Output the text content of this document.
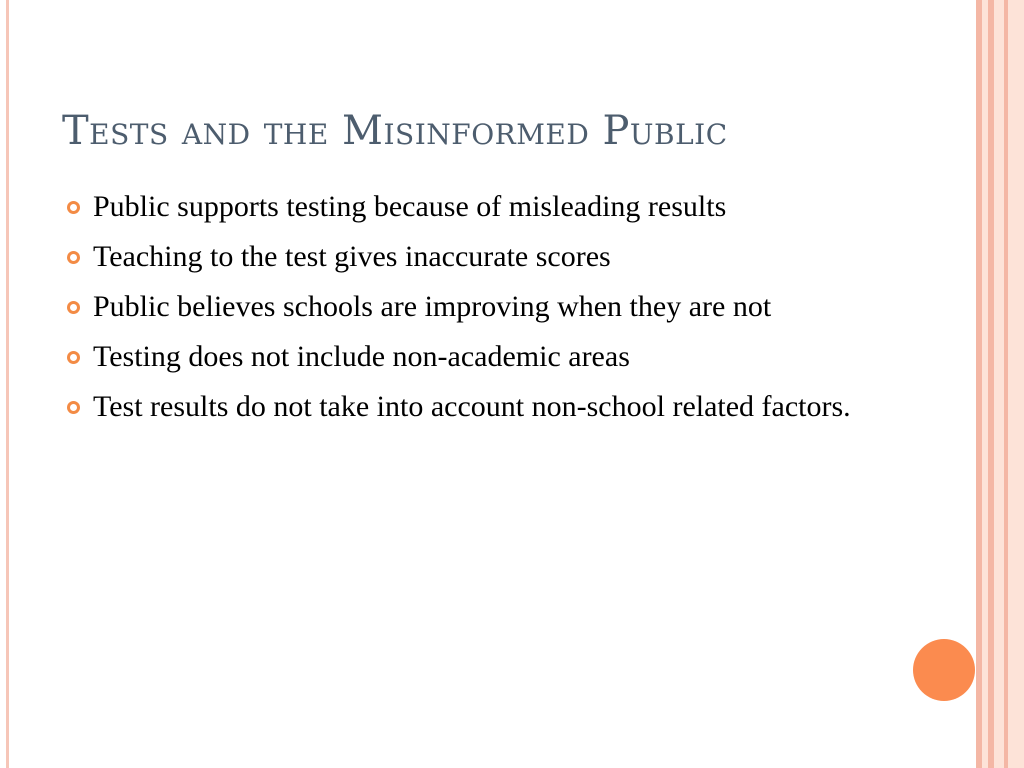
Tests and the Misinformed Public
Public supports testing because of misleading results
Teaching to the test gives inaccurate scores
Public believes schools are improving when they are not
Testing does not include non-academic areas
Test results do not take into account non-school related factors.
